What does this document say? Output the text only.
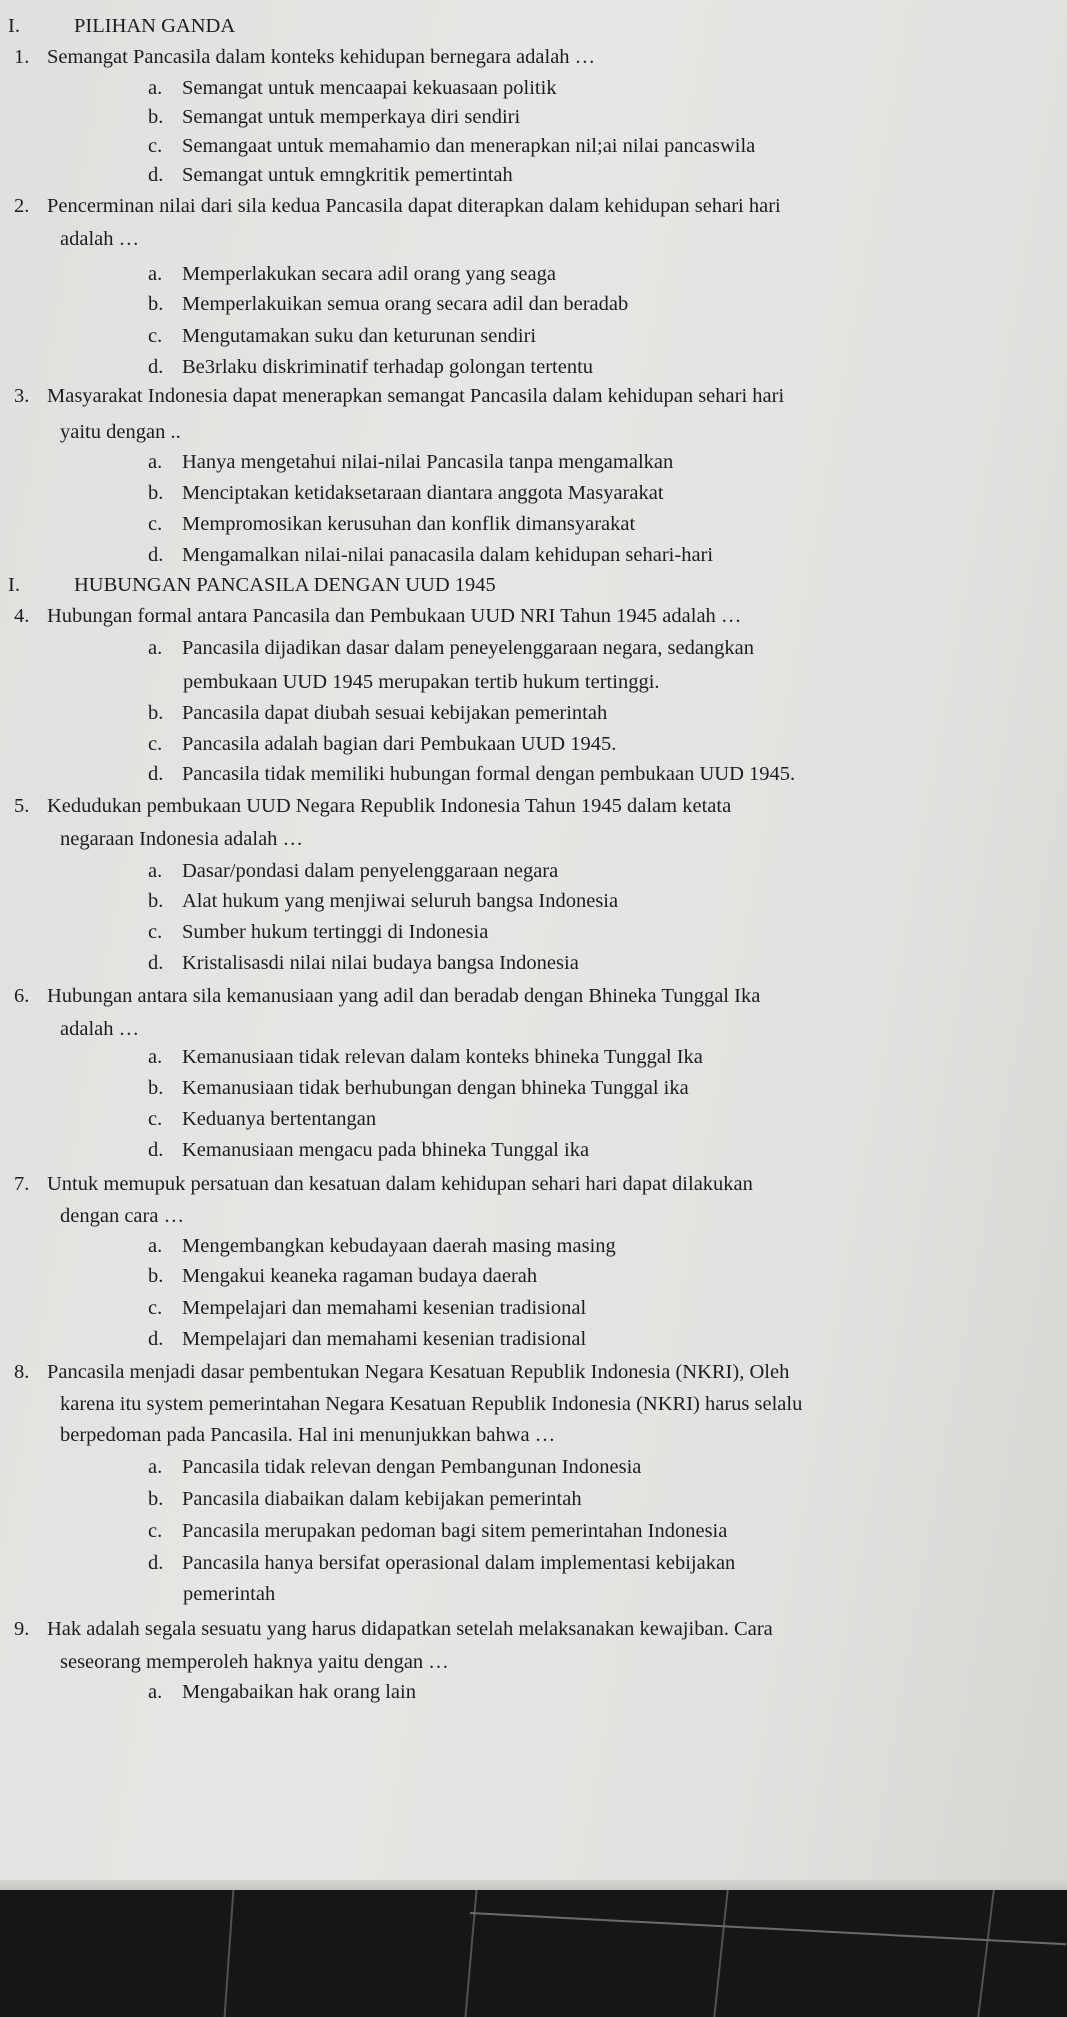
I.	PILIHAN GANDA
1. Semangat Pancasila dalam konteks kehidupan bernegara adalah …
a. Semangat untuk mencaapai kekuasaan politik
b. Semangat untuk memperkaya diri sendiri
c. Semangaat untuk memahamio dan menerapkan nil;ai nilai pancaswila
d. Semangat untuk emngkritik pemertintah
2. Pencerminan nilai dari sila kedua Pancasila dapat diterapkan dalam kehidupan sehari hari
adalah …
a. Memperlakukan secara adil orang yang seaga
b. Memperlakuikan semua orang secara adil dan beradab
c. Mengutamakan suku dan keturunan sendiri
d. Be3rlaku diskriminatif terhadap golongan tertentu
3. Masyarakat Indonesia dapat menerapkan semangat Pancasila dalam kehidupan sehari hari
yaitu dengan ..
a. Hanya mengetahui nilai-nilai Pancasila tanpa mengamalkan
b. Menciptakan ketidaksetaraan diantara anggota Masyarakat
c. Mempromosikan kerusuhan dan konflik dimansyarakat
d. Mengamalkan nilai-nilai panacasila dalam kehidupan sehari-hari
I.	HUBUNGAN PANCASILA DENGAN UUD 1945
4. Hubungan formal antara Pancasila dan Pembukaan UUD NRI Tahun 1945 adalah …
a. Pancasila dijadikan dasar dalam peneyelenggaraan negara, sedangkan
pembukaan UUD 1945 merupakan tertib hukum tertinggi.
b. Pancasila dapat diubah sesuai kebijakan pemerintah
c. Pancasila adalah bagian dari Pembukaan UUD 1945.
d. Pancasila tidak memiliki hubungan formal dengan pembukaan UUD 1945.
5. Kedudukan pembukaan UUD Negara Republik Indonesia Tahun 1945 dalam ketata
negaraan Indonesia adalah …
a. Dasar/pondasi dalam penyelenggaraan negara
b. Alat hukum yang menjiwai seluruh bangsa Indonesia
c. Sumber hukum tertinggi di Indonesia
d. Kristalisasdi nilai nilai budaya bangsa Indonesia
6. Hubungan antara sila kemanusiaan yang adil dan beradab dengan Bhineka Tunggal Ika
adalah …
a. Kemanusiaan tidak relevan dalam konteks bhineka Tunggal Ika
b. Kemanusiaan tidak berhubungan dengan bhineka Tunggal ika
c. Keduanya bertentangan
d. Kemanusiaan mengacu pada bhineka Tunggal ika
7. Untuk memupuk persatuan dan kesatuan dalam kehidupan sehari hari dapat dilakukan
dengan cara …
a. Mengembangkan kebudayaan daerah masing masing
b. Mengakui keaneka ragaman budaya daerah
c. Mempelajari dan memahami kesenian tradisional
d. Mempelajari dan memahami kesenian tradisional
8. Pancasila menjadi dasar pembentukan Negara Kesatuan Republik Indonesia (NKRI), Oleh
karena itu system pemerintahan Negara Kesatuan Republik Indonesia (NKRI) harus selalu
berpedoman pada Pancasila. Hal ini menunjukkan bahwa …
a. Pancasila tidak relevan dengan Pembangunan Indonesia
b. Pancasila diabaikan dalam kebijakan pemerintah
c. Pancasila merupakan pedoman bagi sitem pemerintahan Indonesia
d. Pancasila hanya bersifat operasional dalam implementasi kebijakan
pemerintah
9. Hak adalah segala sesuatu yang harus didapatkan setelah melaksanakan kewajiban. Cara
seseorang memperoleh haknya yaitu dengan …
a. Mengabaikan hak orang lain
